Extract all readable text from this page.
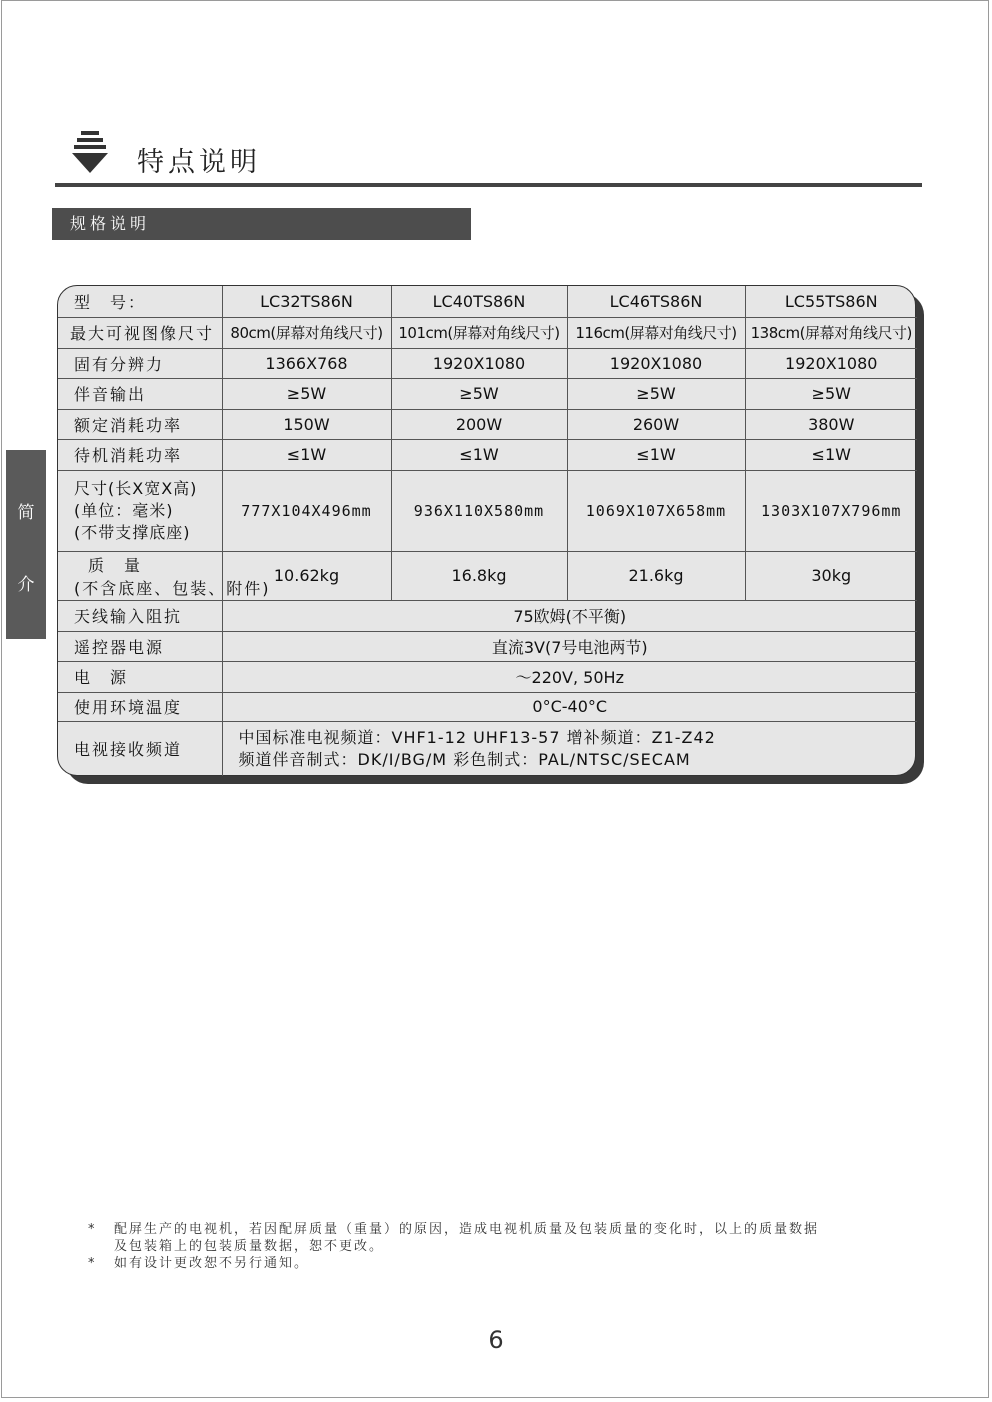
特点说明
规格说明
简
介
型　号：	LC32TS86N	LC40TS86N	LC46TS86N	LC55TS86N
最大可视图像尺寸	80cm(屏幕对角线尺寸)	101cm(屏幕对角线尺寸)	116cm(屏幕对角线尺寸)	138cm(屏幕对角线尺寸)
固有分辨力	1366X768	1920X1080	1920X1080	1920X1080
伴音输出	≥5W	≥5W	≥5W	≥5W
额定消耗功率	150W	200W	260W	380W
待机消耗功率	≤1W	≤1W	≤1W	≤1W

尺寸(长X宽X高)
(单位：毫米)
(不带支撑底座)	777X104X496mm	936X110X580mm	1069X107X658mm	1303X107X796mm

质　量
(不含底座、包装、附件)	10.62kg	16.8kg	21.6kg	30kg
天线输入阻抗	75欧姆(不平衡)			
遥控器电源	直流3V(7号电池两节)			
电　源	～220V, 50Hz			
使用环境温度	0°C-40°C			
电视接收频道	中国标准电视频道：VHF1-12 UHF13-57 增补频道：Z1-Z42
频道伴音制式：DK/I/BG/M 彩色制式：PAL/NTSC/SECAM			
* 配屏生产的电视机，若因配屏质量（重量）的原因，造成电视机质量及包装质量的变化时，以上的质量数据
及包装箱上的包装质量数据，恕不更改。
* 如有设计更改恕不另行通知。
6
